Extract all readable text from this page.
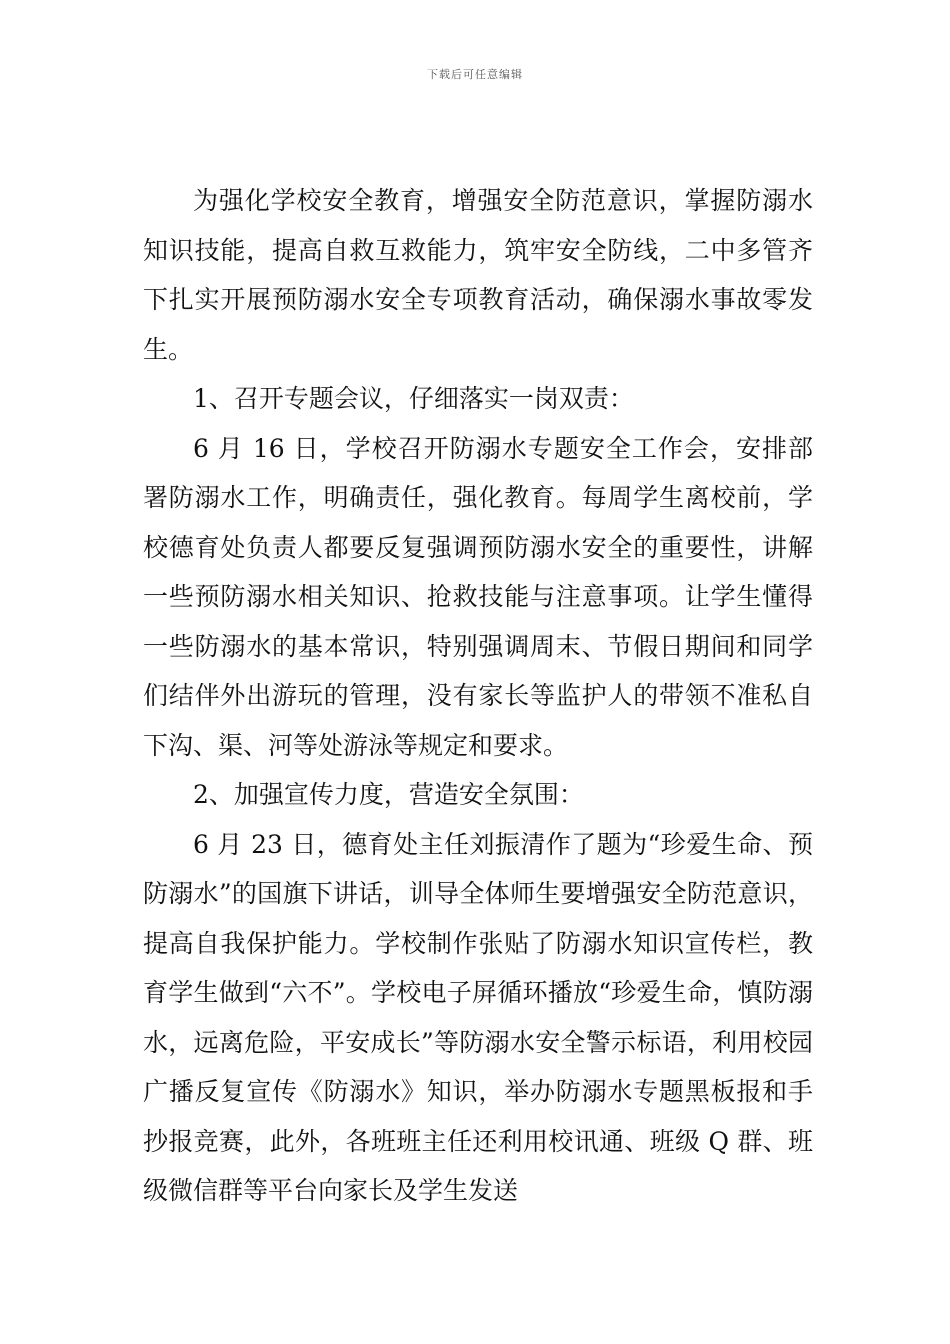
下载后可任意编辑

为强化学校安全教育，增强安全防范意识，掌握防溺水知识技能，提高自救互救能力，筑牢安全防线，二中多管齐下扎实开展预防溺水安全专项教育活动，确保溺水事故零发生。

1、召开专题会议，仔细落实一岗双责：

6 月 16 日，学校召开防溺水专题安全工作会，安排部署防溺水工作，明确责任，强化教育。每周学生离校前，学校德育处负责人都要反复强调预防溺水安全的重要性，讲解一些预防溺水相关知识、抢救技能与注意事项。让学生懂得一些防溺水的基本常识，特别强调周末、节假日期间和同学们结伴外出游玩的管理，没有家长等监护人的带领不准私自下沟、渠、河等处游泳等规定和要求。

2、加强宣传力度，营造安全氛围：

6 月 23 日，德育处主任刘振清作了题为“珍爱生命、预防溺水”的国旗下讲话，训导全体师生要增强安全防范意识，提高自我保护能力。学校制作张贴了防溺水知识宣传栏，教育学生做到“六不”。学校电子屏循环播放“珍爱生命，慎防溺水，远离危险，平安成长”等防溺水安全警示标语，利用校园广播反复宣传《防溺水》知识，举办防溺水专题黑板报和手抄报竞赛，此外，各班班主任还利用校讯通、班级 Q 群、班级微信群等平台向家长及学生发送
